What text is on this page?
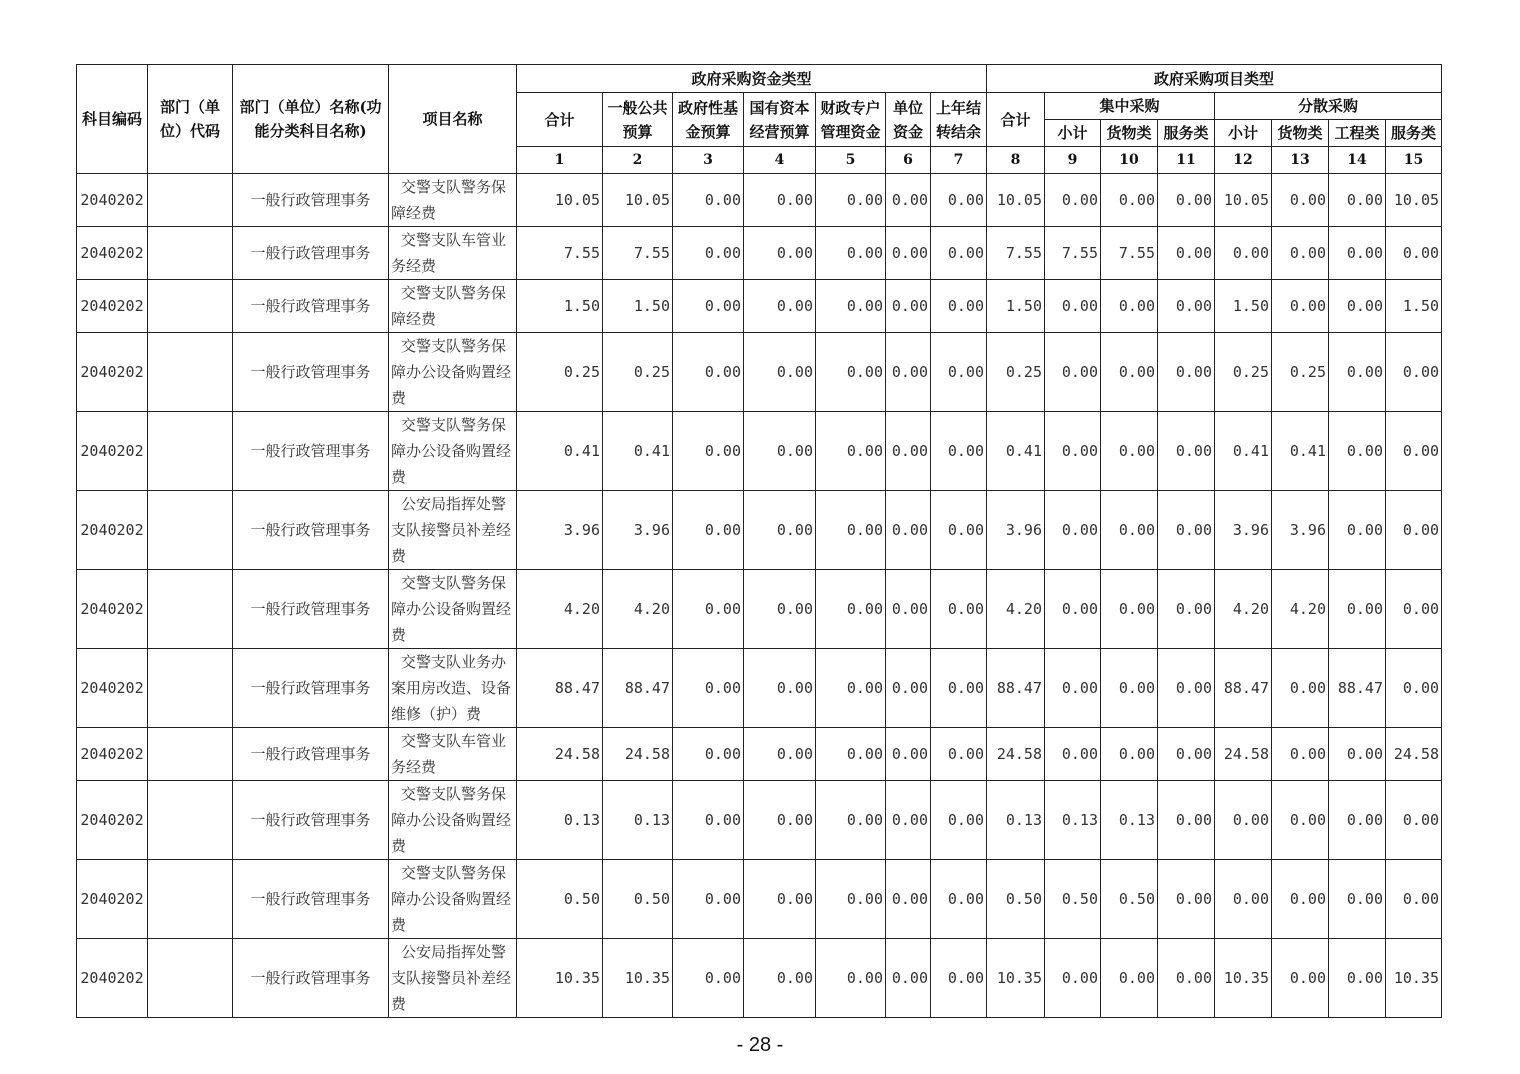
科目编码	部门（单位）代码	部门（单位）名称(功能分类科目名称)	项目名称	政府采购资金类型							政府采购项目类型							
				合计	一般公共预算	政府性基金预算	国有资本经营预算	财政专户管理资金	单位资金	上年结转结余	合计	集中采购			分散采购			
												小计	货物类	服务类	小计	货物类	工程类	服务类
				1	2	3	4	5	6	7	8	9	10	11	12	13	14	15
2040202		一般行政管理事务	交警支队警务保障经费	10.05	10.05	0.00	0.00	0.00	0.00	0.00	10.05	0.00	0.00	0.00	10.05	0.00	0.00	10.05
2040202		一般行政管理事务	交警支队车管业务经费	7.55	7.55	0.00	0.00	0.00	0.00	0.00	7.55	7.55	7.55	0.00	0.00	0.00	0.00	0.00
2040202		一般行政管理事务	交警支队警务保障经费	1.50	1.50	0.00	0.00	0.00	0.00	0.00	1.50	0.00	0.00	0.00	1.50	0.00	0.00	1.50
2040202		一般行政管理事务	交警支队警务保障办公设备购置经费	0.25	0.25	0.00	0.00	0.00	0.00	0.00	0.25	0.00	0.00	0.00	0.25	0.25	0.00	0.00
2040202		一般行政管理事务	交警支队警务保障办公设备购置经费	0.41	0.41	0.00	0.00	0.00	0.00	0.00	0.41	0.00	0.00	0.00	0.41	0.41	0.00	0.00
2040202		一般行政管理事务	公安局指挥处警支队接警员补差经费	3.96	3.96	0.00	0.00	0.00	0.00	0.00	3.96	0.00	0.00	0.00	3.96	3.96	0.00	0.00
2040202		一般行政管理事务	交警支队警务保障办公设备购置经费	4.20	4.20	0.00	0.00	0.00	0.00	0.00	4.20	0.00	0.00	0.00	4.20	4.20	0.00	0.00
2040202		一般行政管理事务	交警支队业务办案用房改造、设备维修（护）费	88.47	88.47	0.00	0.00	0.00	0.00	0.00	88.47	0.00	0.00	0.00	88.47	0.00	88.47	0.00
2040202		一般行政管理事务	交警支队车管业务经费	24.58	24.58	0.00	0.00	0.00	0.00	0.00	24.58	0.00	0.00	0.00	24.58	0.00	0.00	24.58
2040202		一般行政管理事务	交警支队警务保障办公设备购置经费	0.13	0.13	0.00	0.00	0.00	0.00	0.00	0.13	0.13	0.13	0.00	0.00	0.00	0.00	0.00
2040202		一般行政管理事务	交警支队警务保障办公设备购置经费	0.50	0.50	0.00	0.00	0.00	0.00	0.00	0.50	0.50	0.50	0.00	0.00	0.00	0.00	0.00
2040202		一般行政管理事务	公安局指挥处警支队接警员补差经费	10.35	10.35	0.00	0.00	0.00	0.00	0.00	10.35	0.00	0.00	0.00	10.35	0.00	0.00	10.35
- 28 -
